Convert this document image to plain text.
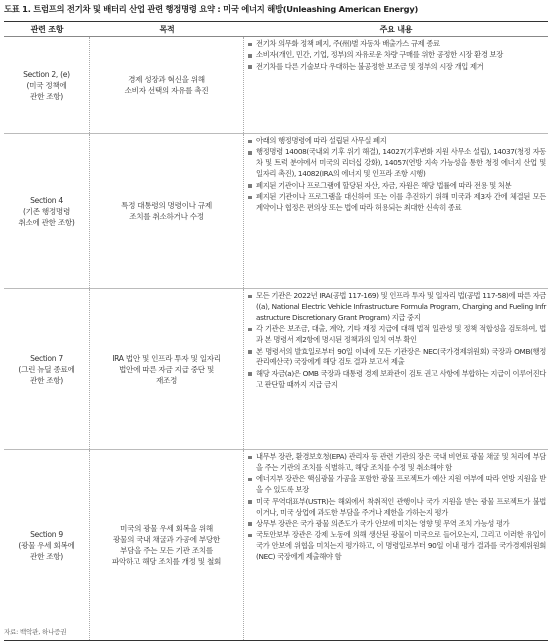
도표 1. 트럼프의 전기차 및 배터리 산업 관련 행정명령 요약 : 미국 에너지 해방(Unleashing American Energy)
관련 조항	목적	주요 내용
Section 2, (e)
(미국 정책에
관한 조항)
경제 성장과 혁신을 위해
소비자 선택의 자유를 촉진
전기차 의무화 정책 폐지, 주(州)별 자동차 배출가스 규제 종료
소비자(개인, 민간, 기업, 정부)의 자유로운 차량 구매를 위한 공정한 시장 환경 보장
전기차를 다른 기술보다 우대하는 불공정한 보조금 및 정부의 시장 개입 제거
Section 4
(기존 행정명령
취소에 관한 조항)
특정 대통령의 명령이나 규제
조치를 취소하거나 수정
아래의 행정명령에 따라 설립된 사무실 폐지
행정명령 14008(국내외 기후 위기 해결), 14027(기후변화 지원 사무소 설립), 14037(청정 자동차 및 트럭 분야에서 미국의 리더십 강화), 14057(연방 지속 가능성을 통한 청정 에너지 산업 및 일자리 촉진), 14082(IRA의 에너지 및 인프라 조항 시행)
폐지된 기관이나 프로그램에 할당된 자산, 자금, 자원은 해당 법률에 따라 전용 및 처분
폐지된 기관이나 프로그램을 대신하여 또는 이를 추진하기 위해 미국과 제3자 간에 체결된 모든 계약이나 협정은 편의상 또는 법에 따라 허용되는 최대한 신속히 종료
Section 7
(그린 뉴딜 종료에
관한 조항)
IRA 법안 및 인프라 투자 및 일자리
법안에 따른 자금 지급 중단 및
재조정
모든 기관은 2022년 IRA(공법 117-169) 및 인프라 투자 및 일자리 법(공법 117-58)에 따른 자금((a), National Electric Vehicle Infrastructure Formula Program, Charging and Fueling Infrastructure Discretionary Grant Program) 지급 중지
각 기관은 보조금, 대출, 계약, 기타 재정 지급에 대해 법적 일관성 및 정책 적합성을 검토하여, 법과 본 명령서 제2항에 명시된 정책과의 일치 여부 확인
본 명령서의 발효일로부터 90일 이내에 모든 기관장은 NEC(국가경제위원회) 국장과 OMB(행정관리예산국) 국장에게 해당 검토 결과 보고서 제출
해당 자금(a)은 OMB 국장과 대통령 경제 보좌관이 검토 권고 사항에 부합하는 지급이 이루어진다고 판단할 때까지 지급 금지
Section 9
(광물 우세 회복에
관한 조항)
미국의 광물 우세 회복을 위해
광물의 국내 채굴과 가공에 부당한
부담을 주는 모든 기관 조치를
파악하고 해당 조치를 개정 및 철회
내무부 장관, 환경보호청(EPA) 관리자 등 관련 기관의 장은 국내 비연료 광물 채굴 및 처리에 부담을 주는 기관의 조치를 식별하고, 해당 조치를 수정 및 취소해야 함
에너지부 장관은 핵심광물 가공을 포함한 광물 프로젝트가 예산 지원 여부에 따라 연방 지원을 받을 수 있도록 보장
미국 무역대표부(USTR)는 해외에서 착취적인 관행이나 국가 지원을 받는 광물 프로젝트가 불법이거나, 미국 상업에 과도한 부담을 주거나 제한을 가하는지 평가
상무부 장관은 국가 광물 의존도가 국가 안보에 미치는 영향 및 무역 조치 가능성 평가
국토안보부 장관은 강제 노동에 의해 생산된 광물이 미국으로 들어오는지, 그리고 이러한 유입이 국가 안보에 위협을 미치는지 평가하고, 이 명령일로부터 90일 이내 평가 결과를 국가경제위원회(NEC) 국장에게 제출해야 함
자료: 백악관, 하나증권
